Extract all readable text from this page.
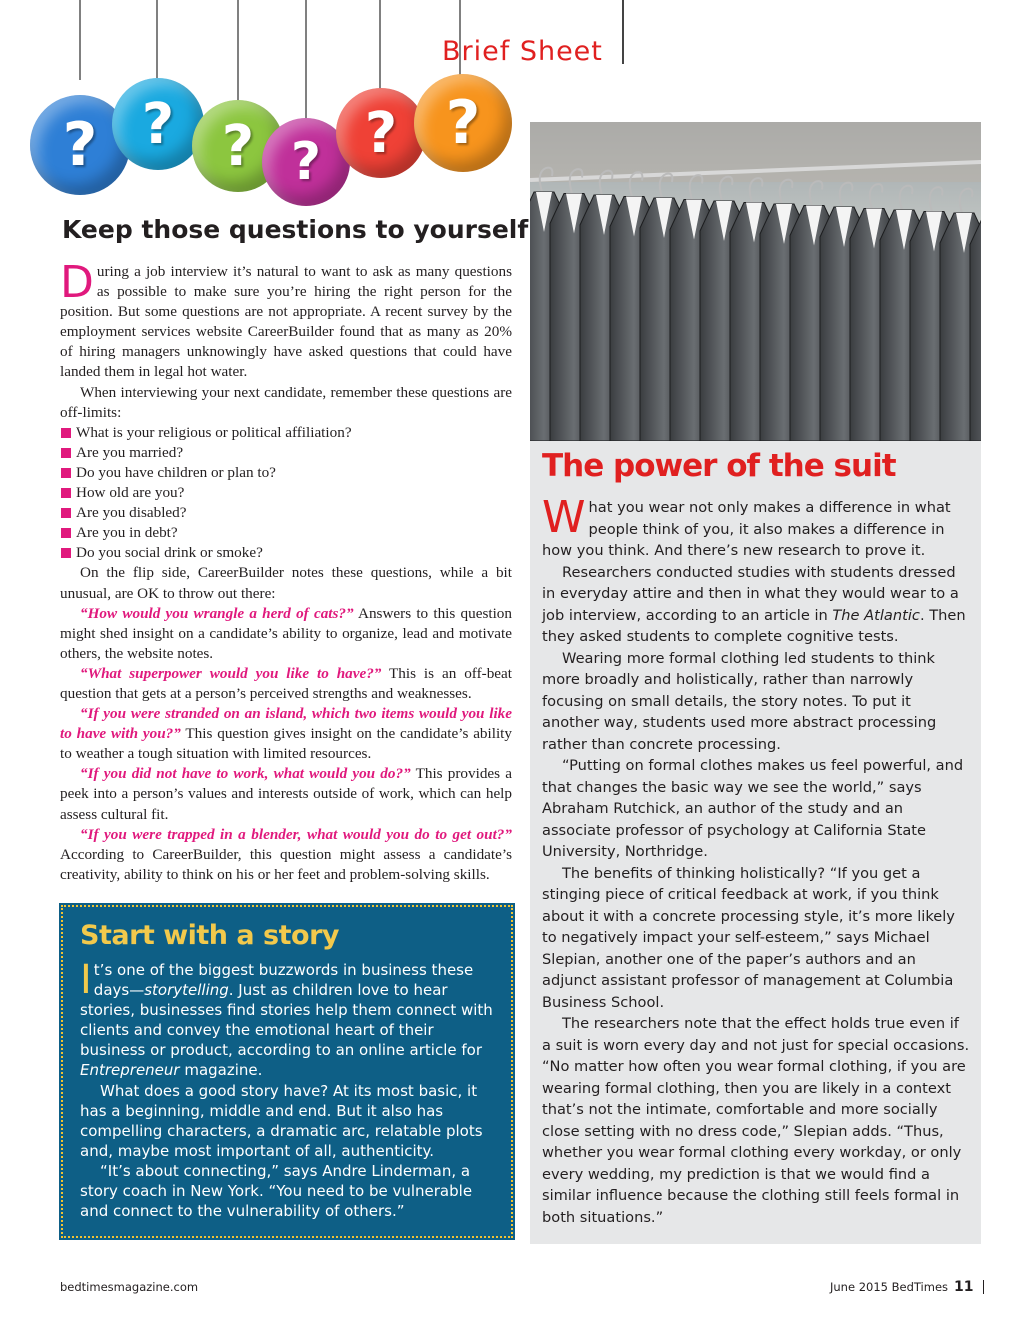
Brief Sheet
? ? ? ? ? ?
Keep those questions to yourself

During a job interview it’s natural to want to ask as many questions as possible to make sure you’re hiring the right person for the position. But some questions are not appropriate. A recent survey by the employment services website CareerBuilder found that as many as 20% of hiring managers unknowingly have asked questions that could have landed them in legal hot water.

When interviewing your next candidate, remember these questions are off-limits:

What is your religious or political affiliation?
Are you married?
Do you have children or plan to?
How old are you?
Are you disabled?
Are you in debt?
Do you social drink or smoke?

On the flip side, CareerBuilder notes these questions, while a bit unusual, are OK to throw out there:

“How would you wrangle a herd of cats?” Answers to this question might shed insight on a candidate’s ability to organize, lead and motivate others, the website notes.

“What superpower would you like to have?” This is an off-beat question that gets at a person’s perceived strengths and weaknesses.

“If you were stranded on an island, which two items would you like to have with you?” This question gives insight on the candidate’s ability to weather a tough situation with limited resources.

“If you did not have to work, what would you do?” This provides a peek into a person’s values and interests outside of work, which can help assess cultural fit.

“If you were trapped in a blender, what would you do to get out?” According to CareerBuilder, this question might assess a candidate’s creativity, ability to think on his or her feet and problem-solving skills.

Start with a story

It’s one of the biggest buzzwords in business these days—storytelling. Just as children love to hear stories, businesses find stories help them connect with clients and convey the emotional heart of their business or product, according to an online article for Entrepreneur magazine.

What does a good story have? At its most basic, it has a beginning, middle and end. But it also has compelling characters, a dramatic arc, relatable plots and, maybe most important of all, authenticity.

“It’s about connecting,” says Andre Linderman, a story coach in New York. “You need to be vulnerable and connect to the vulnerability of others.”

The power of the suit

What you wear not only makes a difference in what people think of you, it also makes a difference in how you think. And there’s new research to prove it.

Researchers conducted studies with students dressed in everyday attire and then in what they would wear to a job interview, according to an article in The Atlantic. Then they asked students to complete cognitive tests.

Wearing more formal clothing led students to think more broadly and holistically, rather than narrowly focusing on small details, the story notes. To put it another way, students used more abstract processing rather than concrete processing.

“Putting on formal clothes makes us feel powerful, and that changes the basic way we see the world,” says Abraham Rutchick, an author of the study and an associate professor of psychology at California State University, Northridge.

The benefits of thinking holistically? “If you get a stinging piece of critical feedback at work, if you think about it with a concrete processing style, it’s more likely to negatively impact your self-esteem,” says Michael Slepian, another one of the paper’s authors and an adjunct assistant professor of management at Columbia Business School.

The researchers note that the effect holds true even if a suit is worn every day and not just for special occasions. “No matter how often you wear formal clothing, if you are wearing formal clothing, then you are likely in a context that’s not the intimate, comfortable and more socially close setting with no dress code,” Slepian adds. “Thus, whether you wear formal clothing every workday, or only every wedding, my prediction is that we would find a similar influence because the clothing still feels formal in both situations.”

bedtimesmagazine.com	June 2015 BedTimes 11
